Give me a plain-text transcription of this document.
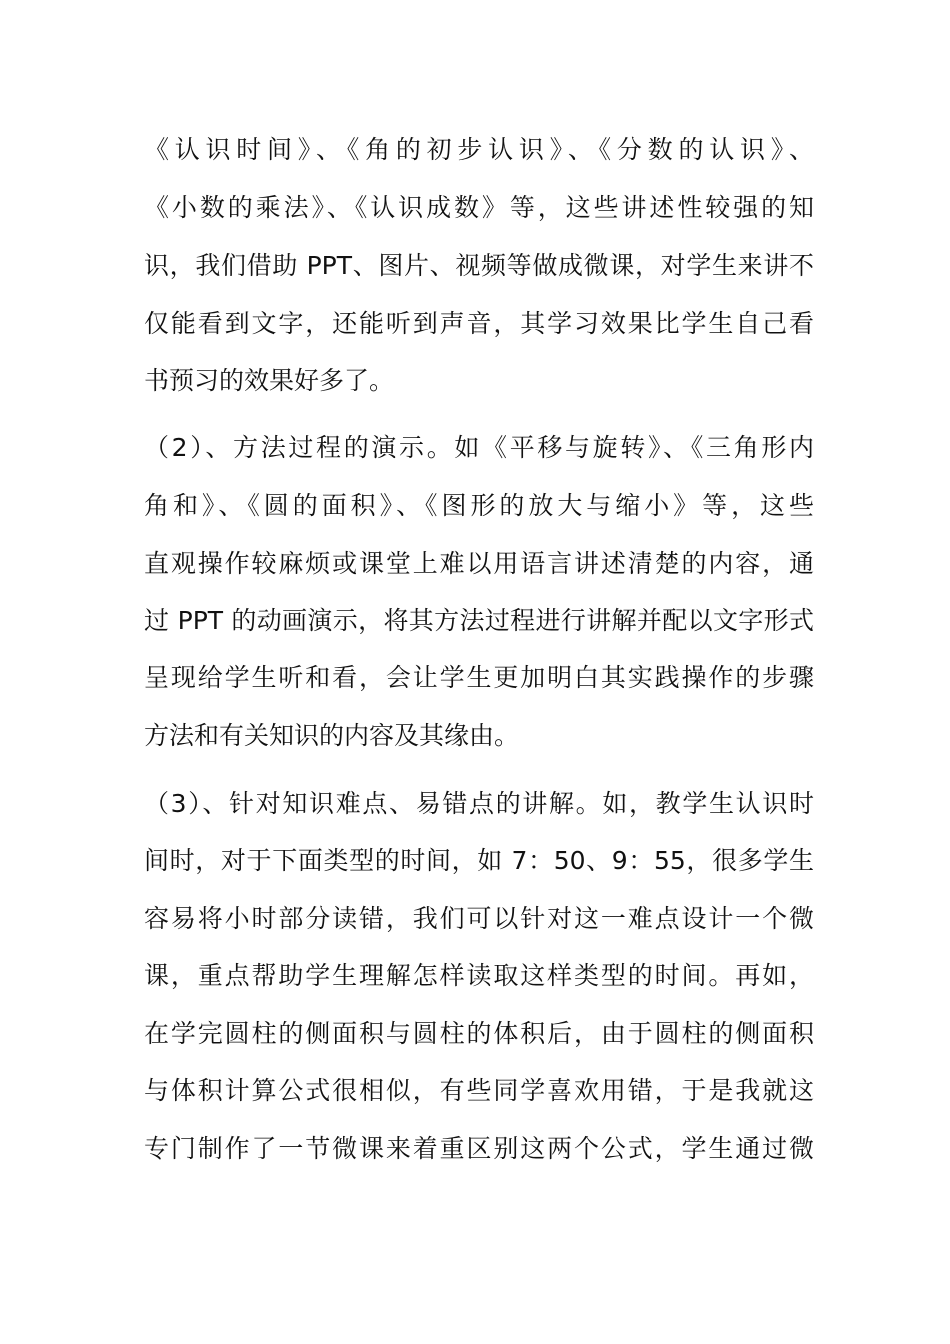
《认识时间》、《角的初步认识》、《分数的认识》、
《小数的乘法》、《认识成数》等，这些讲述性较强的知
识，我们借助 PPT、图片、视频等做成微课，对学生来讲不
仅能看到文字，还能听到声音，其学习效果比学生自己看
书预习的效果好多了。
（2）、方法过程的演示。如《平移与旋转》、《三角形内
角和》、《圆的面积》、《图形的放大与缩小》等，这些
直观操作较麻烦或课堂上难以用语言讲述清楚的内容，通
过 PPT 的动画演示，将其方法过程进行讲解并配以文字形式
呈现给学生听和看，会让学生更加明白其实践操作的步骤
方法和有关知识的内容及其缘由。
（3）、针对知识难点、易错点的讲解。如，教学生认识时
间时，对于下面类型的时间，如 7：50、9：55，很多学生
容易将小时部分读错，我们可以针对这一难点设计一个微
课，重点帮助学生理解怎样读取这样类型的时间。再如，
在学完圆柱的侧面积与圆柱的体积后，由于圆柱的侧面积
与体积计算公式很相似，有些同学喜欢用错，于是我就这
专门制作了一节微课来着重区别这两个公式，学生通过微
